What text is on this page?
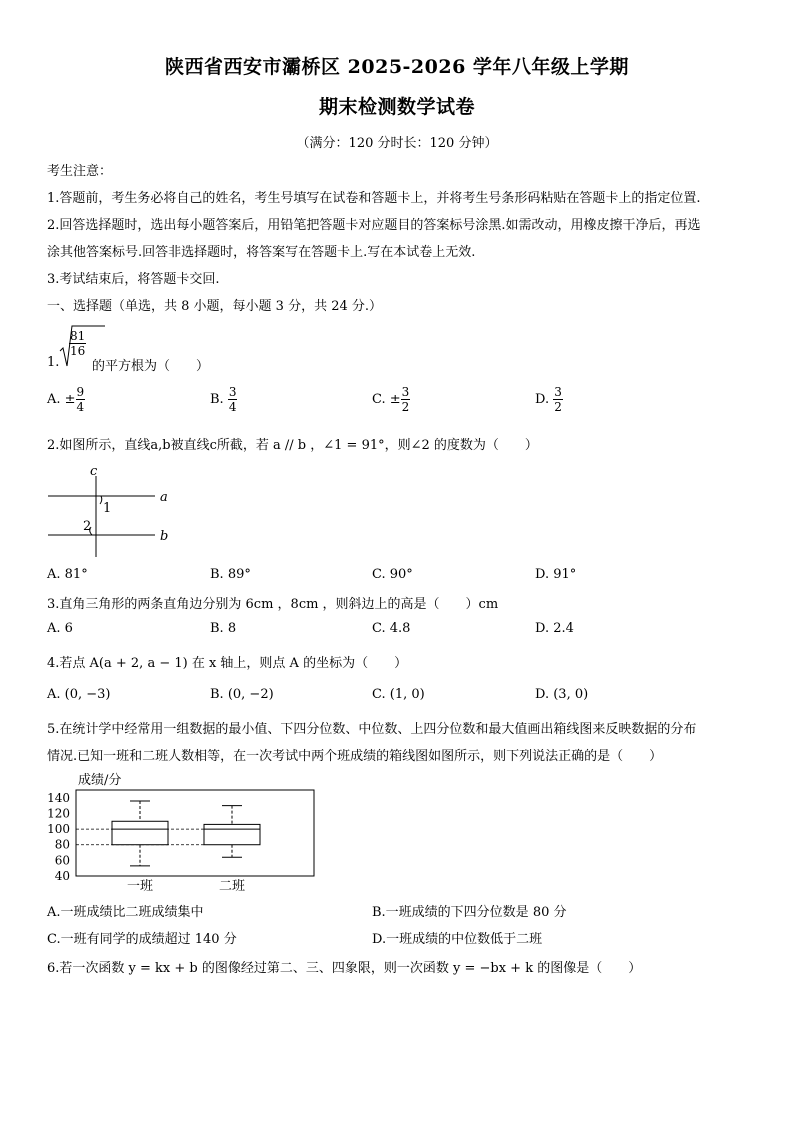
陕西省西安市灞桥区 2025-2026 学年八年级上学期
期末检测数学试卷
（满分：120 分时长：120 分钟）
考生注意：
1.答题前，考生务必将自己的姓名，考生号填写在试卷和答题卡上，并将考生号条形码粘贴在答题卡上的指定位置.
2.回答选择题时，选出每小题答案后，用铅笔把答题卡对应题目的答案标号涂黑.如需改动，用橡皮擦干净后，再选
涂其他答案标号.回答非选择题时，将答案写在答题卡上.写在本试卷上无效.
3.考试结束后，将答题卡交回.
一、选择题（单选，共 8 小题，每小题 3 分，共 24 分.）
1.
$\frac{81}{16}$
的平方根为（　　）
A. ± $\frac{9}{4}$	B. $\frac{3}{4}$	C. ± $\frac{3}{2}$	D. $\frac{3}{2}$
2.如图所示，直线a,b被直线c所截，若 a // b ，∠1 = 91°，则∠2 的度数为（　　）
c
a
b
1
2
A. 81°	B. 89°	C. 90°	D. 91°
3.直角三角形的两条直角边分别为 6cm ，8cm ，则斜边上的高是（　　）cm
A. 6	B. 8	C. 4.8	D. 2.4
4.若点 A(a + 2, a − 1) 在 x 轴上，则点 A 的坐标为（　　）
A. (0, −3)	B. (0, −2)	C. (1, 0)	D. (3, 0)
5.在统计学中经常用一组数据的最小值、下四分位数、中位数、上四分位数和最大值画出箱线图来反映数据的分布
情况.已知一班和二班人数相等，在一次考试中两个班成绩的箱线图如图所示，则下列说法正确的是（　　）
成绩/分
40
60
80
100
120
140
一班	二班
A.一班成绩比二班成绩集中	B.一班成绩的下四分位数是 80 分
C.一班有同学的成绩超过 140 分	D.一班成绩的中位数低于二班
6.若一次函数 y = kx + b 的图像经过第二、三、四象限，则一次函数 y = −bx + k 的图像是（　　）
